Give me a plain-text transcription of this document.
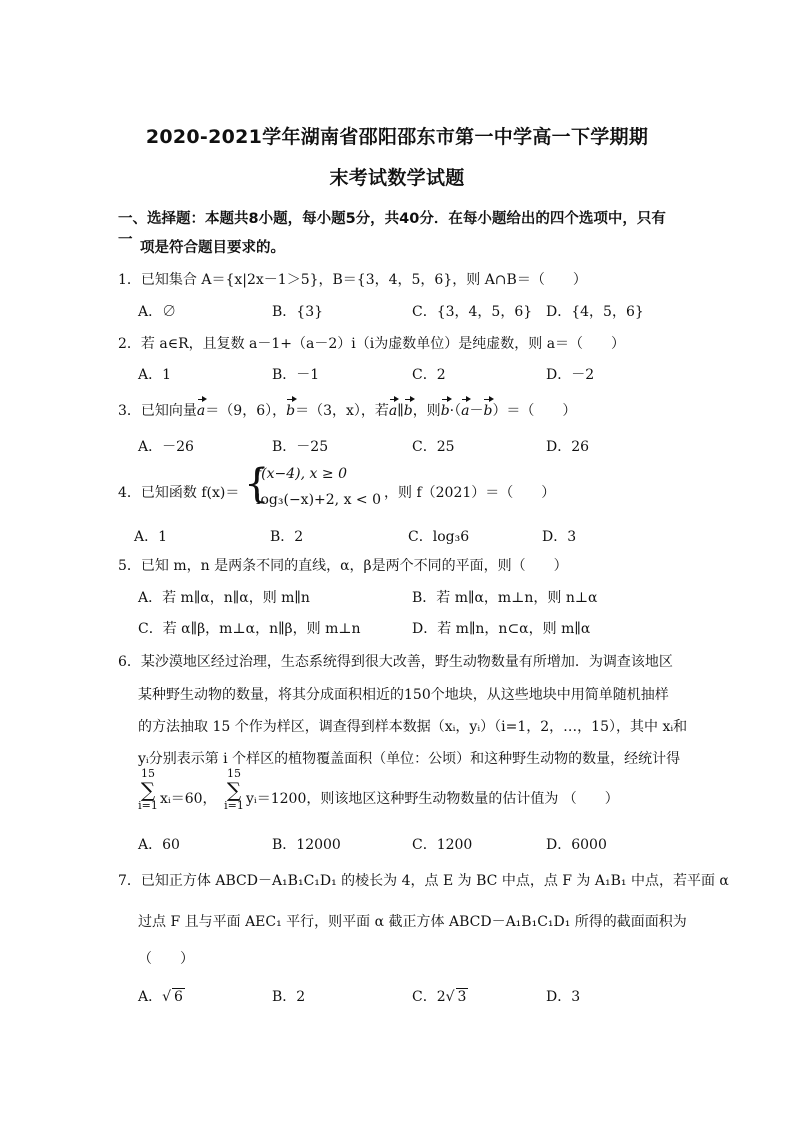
2020-2021学年湖南省邵阳邵东市第一中学高一下学期期
末考试数学试题
一、选择题：本题共8小题，每小题5分，共40分．在每小题给出的四个选项中，只有一 项是符合题目要求的。
1．已知集合 A＝{x|2x－1＞5}，B＝{3，4，5，6}，则 A∩B＝（　　）
A．∅	B．{3}	C．{3，4，5，6} D．{4，5，6}
2．若 a∈R，且复数 a－1+（a－2）i（i为虚数单位）是纯虚数，则 a＝（　　）
A．1	B．－1	C．2	D．－2
3．已知向量a＝（9，6），b＝（3，x），若a∥b，则b·（a－b）＝（　　）
A．－26	B．－25	C．25	D．26
4．已知函数 f(x)＝ {
f(x−4), x ≥ 0
log₃(−x)+2, x < 0 ，则 f（2021）＝（　　）
A．1	B．2	C．log₃6	D．3
5．已知 m，n 是两条不同的直线，α，β是两个不同的平面，则（　　）
A．若 m∥α，n∥α，则 m∥n	B．若 m∥α，m⊥n，则 n⊥α
C．若 α∥β，m⊥α，n∥β，则 m⊥n	D．若 m∥n，n⊂α，则 m∥α
6．某沙漠地区经过治理，生态系统得到很大改善，野生动物数量有所增加．为调查该地区
某种野生动物的数量，将其分成面积相近的150个地块，从这些地块中用简单随机抽样
的方法抽取 15 个作为样区，调查得到样本数据（xᵢ，yᵢ）（i=1，2，…，15），其中 xᵢ和
yᵢ分别表示第 i 个样区的植物覆盖面积（单位：公顷）和这种野生动物的数量，经统计得
15
∑
i=1 xᵢ＝60，
15
∑
i=1 yᵢ＝1200，则该地区这种野生动物数量的估计值为 （　　）
A．60	B．12000	C．1200	D．6000
7．已知正方体 ABCD－A₁B₁C₁D₁ 的棱长为 4，点 E 为 BC 中点，点 F 为 A₁B₁ 中点，若平面 α
过点 F 且与平面 AEC₁ 平行，则平面 α 截正方体 ABCD－A₁B₁C₁D₁ 所得的截面面积为
（　　）
A．√ 6	B．2	C．2√ 3	D．3
